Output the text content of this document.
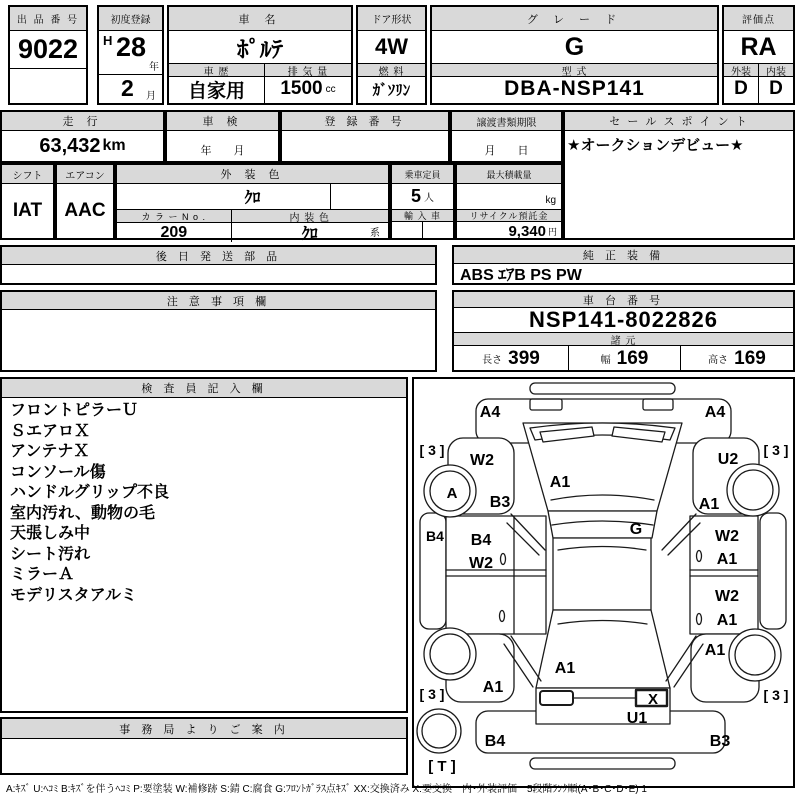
出 品 番 号
9022
初度登録
H 28
年
2 月
車 名
ﾎﾟﾙﾃ
車 歴
自家用
排 気 量
1500 cc
ドア形状
4W
燃 料
ｶﾞｿﾘﾝ
グ レ ー ド
G
型 式
DBA-NSP141
評価点
RA
外装
D
内装
D
走 行
63,432 km
車 検
年　　月
登 録 番 号	譲渡書類期限
月　　日
セ ー ル ス ポ イ ン ト
★オークションデビュー★
シフト
IAT
エアコン
AAC
外 装 色
ｸﾛ
カ ラ ー N o .
209
内 装 色
ｸﾛ	系
乗車定員
5 人
輸 入 車
最大積載量
kg
リサイクル預託金
9,340 円
後 日 発 送 部 品	純 正 装 備
ABS ｴｱB PS PW
注 意 事 項 欄	車 台 番 号
NSP141-8022826
諸 元
長さ 399	幅 169	高さ 169
検 査 員 記 入 欄
フロントピラーＵ
ＳエアロＸ
アンテナＸ
コンソール傷
ハンドルグリップ不良
室内汚れ、動物の毛
天張しみ中
シート汚れ
ミラーＡ
モデリスタアルミ
事 務 局 よ り ご 案 内
A4	A4
[ 3 ]	[ 3 ]
W2	U2
A
B3
A1
A1
G
B4 B4
W2
W2
A1
W2
A1
A1
A1
A1
[ 3 ]	[ 3 ]
X
U1
B4	B3
[ T ]
A:ｷｽﾞ U:ﾍｺﾐ B:ｷｽﾞを伴うﾍｺﾐ P:要塗装 W:補修跡 S:錆 C:腐食 G:ﾌﾛﾝﾄｶﾞﾗｽ点ｷｽﾞ XX:交換済み X:要交換　内･外装評価　5段階ﾗﾝｸ順(A･B･C･D･E) 1
